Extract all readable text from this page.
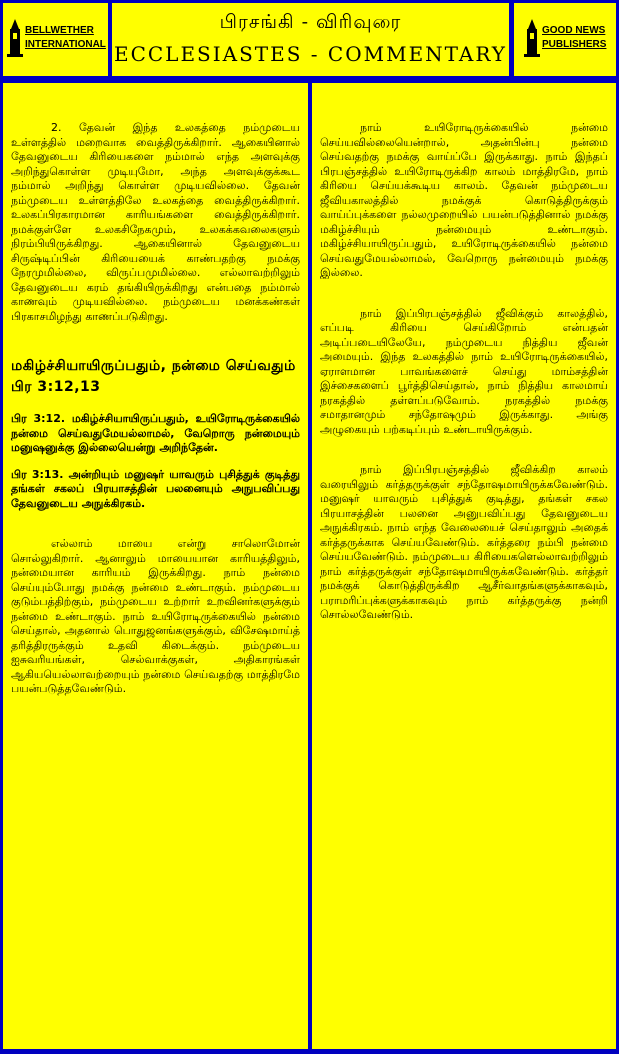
BELLWETHER
INTERNATIONAL
பிரசங்கி - விரிவுரை
ECCLESIASTES - COMMENTARY
GOOD NEWS
PUBLISHERS

2. தேவன் இந்த உலகத்தை நம்முடைய உள்ளத்தில் மறைவாக வைத்திருக்கிறார். ஆகையினால் தேவனுடைய கிரியைகளை நம்மால் எந்த அளவுக்கு அறிந்துகொள்ள முடியுமோ, அந்த அளவுக்குக்கூட நம்மால் அறிந்து கொள்ள முடியவில்லை. தேவன் நம்முடைய உள்ளத்திலே உலகத்தை வைத்திருக்கிறார். உலகப்பிரகாரமான காரியங்களை வைத்திருக்கிறார். நமக்குள்ளே உலகசிநேகமும், உலகக்கவலைகளும் நிரம்பியிருக்கிறது. ஆகையினால் தேவனுடைய சிருஷ்டிப்பின் கிரியையைக் காண்பதற்கு நமக்கு நேரமுமில்லை, விருப்பமுமில்லை. எல்லாவற்றிலும் தேவனுடைய கரம் தங்கியிருக்கிறது என்பதை நம்மால் காணவும் முடியவில்லை. நம்முடைய மனக்கண்கள் பிரகாசமிழந்து காணப்படுகிறது.

மகிழ்ச்சியாயிருப்பதும், நன்மை செய்வதும்
பிர 3:12,13

பிர 3:12. மகிழ்ச்சியாயிருப்பதும், உயிரோடிருக்கையில் நன்மை செய்வதுமேயல்லாமல், வேறொரு நன்மையும் மனுஷனுக்கு இல்லையென்று அறிந்தேன்.

பிர 3:13. அன்றியும் மனுஷர் யாவரும் புசித்துக் குடித்து தங்கள் சகலப் பிரயாசத்தின் பலனையும் அநுபவிப்பது தேவனுடைய அநுக்கிரகம்.

எல்லாம் மாயை என்று சாலொமோன் சொல்லுகிறார். ஆனாலும் மாயையான காரியத்திலும், நன்மையான காரியம் இருக்கிறது. நாம் நன்மை செய்யும்போது நமக்கு நன்மை உண்டாகும். நம்முடைய குடும்பத்திற்கும், நம்முடைய உற்றார் உறவினர்களுக்கும் நன்மை உண்டாகும். நாம் உயிரோடிருக்கையில் நன்மை செய்தால், அதனால் பொதுஜனங்களுக்கும், விசேஷமாய்த் தரித்திரருக்கும் உதவி கிடைக்கும். நம்முடைய ஐசுவரியங்கள், செல்வாக்குகள், அதிகாரங்கள் ஆகியயெல்லாவற்றையும் நன்மை செய்வதற்கு மாத்திரமே பயன்படுத்தவேண்டும்.

நாம் உயிரோடிருக்கையில் நன்மை செய்யவில்லையென்றால், அதன்பின்பு நன்மை செய்வதற்கு நமக்கு வாய்ப்பே இருக்காது. நாம் இந்தப் பிரபஞ்சத்தில் உயிரோடிருக்கிற காலம் மாத்திரமே, நாம் கிரியை செய்யக்கூடிய காலம். தேவன் நம்முடைய ஜீவியகாலத்தில் நமக்குக் கொடுத்திருக்கும் வாய்ப்புக்களை நல்லமுறையில் பயன்படுத்தினால் நமக்கு மகிழ்ச்சியும் நன்மையும் உண்டாகும். மகிழ்ச்சியாயிருப்பதும், உயிரோடிருக்கையில் நன்மை செய்வதுமேயல்லாமல், வேறொரு நன்மையும் நமக்கு இல்லை.

நாம் இப்பிரபஞ்சத்தில் ஜீவிக்கும் காலத்தில், எப்படி கிரியை செய்கிறோம் என்பதன் அடிப்படையிலேயே, நம்முடைய நித்திய ஜீவன் அமையும். இந்த உலகத்தில் நாம் உயிரோடிருக்கையில், ஏராளமான பாவங்களைச் செய்து மாம்சத்தின் இச்சைகளைப் பூர்த்திசெய்தால், நாம் நித்திய காலமாய் நரகத்தில் தள்ளப்படுவோம். நரகத்தில் நமக்கு சமாதானமும் சந்தோஷமும் இருக்காது. அங்கு அழுகையும் பற்கடிப்பும் உண்டாயிருக்கும்.

நாம் இப்பிரபஞ்சத்தில் ஜீவிக்கிற காலம் வரையிலும் கர்த்தருக்குள் சந்தோஷமாயிருக்கவேண்டும். மனுஷர் யாவரும் புசித்துக் குடித்து, தங்கள் சகல பிரயாசத்தின் பலனை அனுபவிப்பது தேவனுடைய அநுக்கிரகம். நாம் எந்த வேலையைச் செய்தாலும் அதைக் கர்த்தருக்காக செய்யவேண்டும். கர்த்தரை நம்பி நன்மை செய்யவேண்டும். நம்முடைய கிரியைகளெல்லாவற்றிலும் நாம் கர்த்தருக்குள் சந்தோஷமாயிருக்கவேண்டும். கர்த்தர் நமக்குக் கொடுத்திருக்கிற ஆசீர்வாதங்களுக்காகவும், பராமரிப்புக்களுக்காகவும் நாம் கர்த்தருக்கு நன்றி சொல்லவேண்டும்.
